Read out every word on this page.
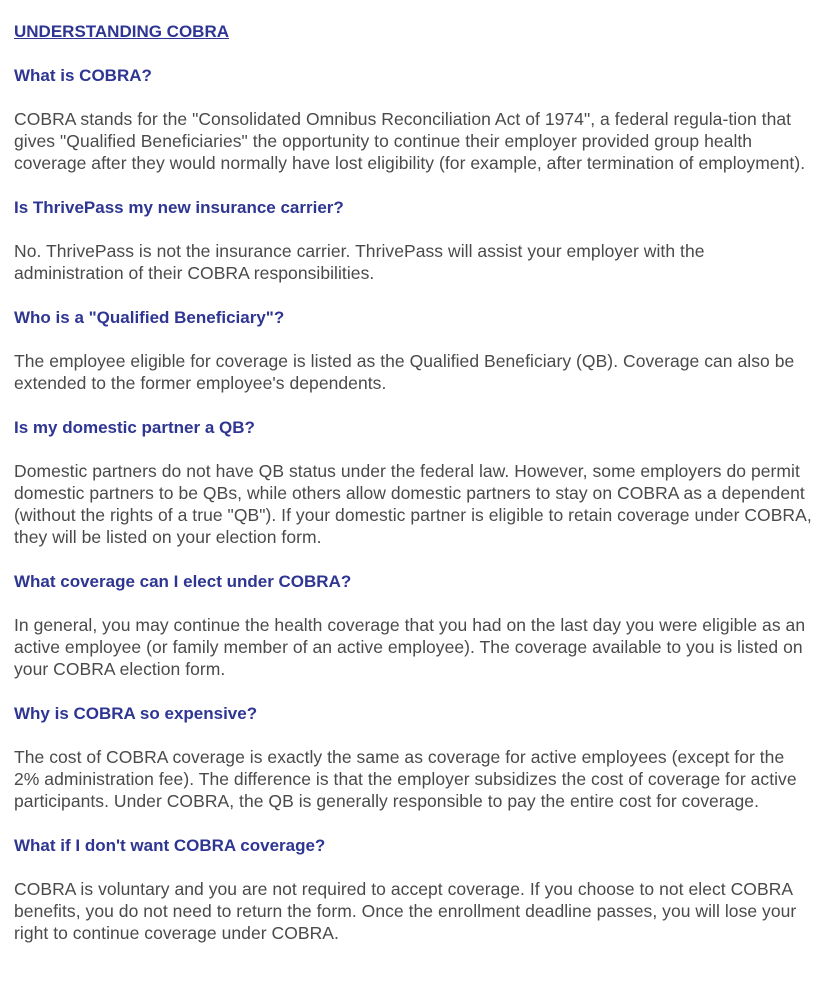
UNDERSTANDING COBRA
What is COBRA?
COBRA stands for the "Consolidated Omnibus Reconciliation Act of 1974", a federal regula-tion that gives "Qualified Beneficiaries" the opportunity to continue their employer provided group health coverage after they would normally have lost eligibility (for example, after termination of employment).
Is ThrivePass my new insurance carrier?
No. ThrivePass is not the insurance carrier. ThrivePass will assist your employer with the administration of their COBRA responsibilities.
Who is a "Qualified Beneficiary"?
The employee eligible for coverage is listed as the Qualified Beneficiary (QB). Coverage can also be extended to the former employee's dependents.
Is my domestic partner a QB?
Domestic partners do not have QB status under the federal law. However, some employers do permit domestic partners to be QBs, while others allow domestic partners to stay on COBRA as a dependent (without the rights of a true "QB"). If your domestic partner is eligible to retain coverage under COBRA, they will be listed on your election form.
What coverage can I elect under COBRA?
In general, you may continue the health coverage that you had on the last day you were eligible as an active employee (or family member of an active employee). The coverage available to you is listed on your COBRA election form.
Why is COBRA so expensive?
The cost of COBRA coverage is exactly the same as coverage for active employees (except for the 2% administration fee). The difference is that the employer subsidizes the cost of coverage for active participants. Under COBRA, the QB is generally responsible to pay the entire cost for coverage.
What if I don't want COBRA coverage?
COBRA is voluntary and you are not required to accept coverage. If you choose to not elect COBRA benefits, you do not need to return the form. Once the enrollment deadline passes, you will lose your right to continue coverage under COBRA.
